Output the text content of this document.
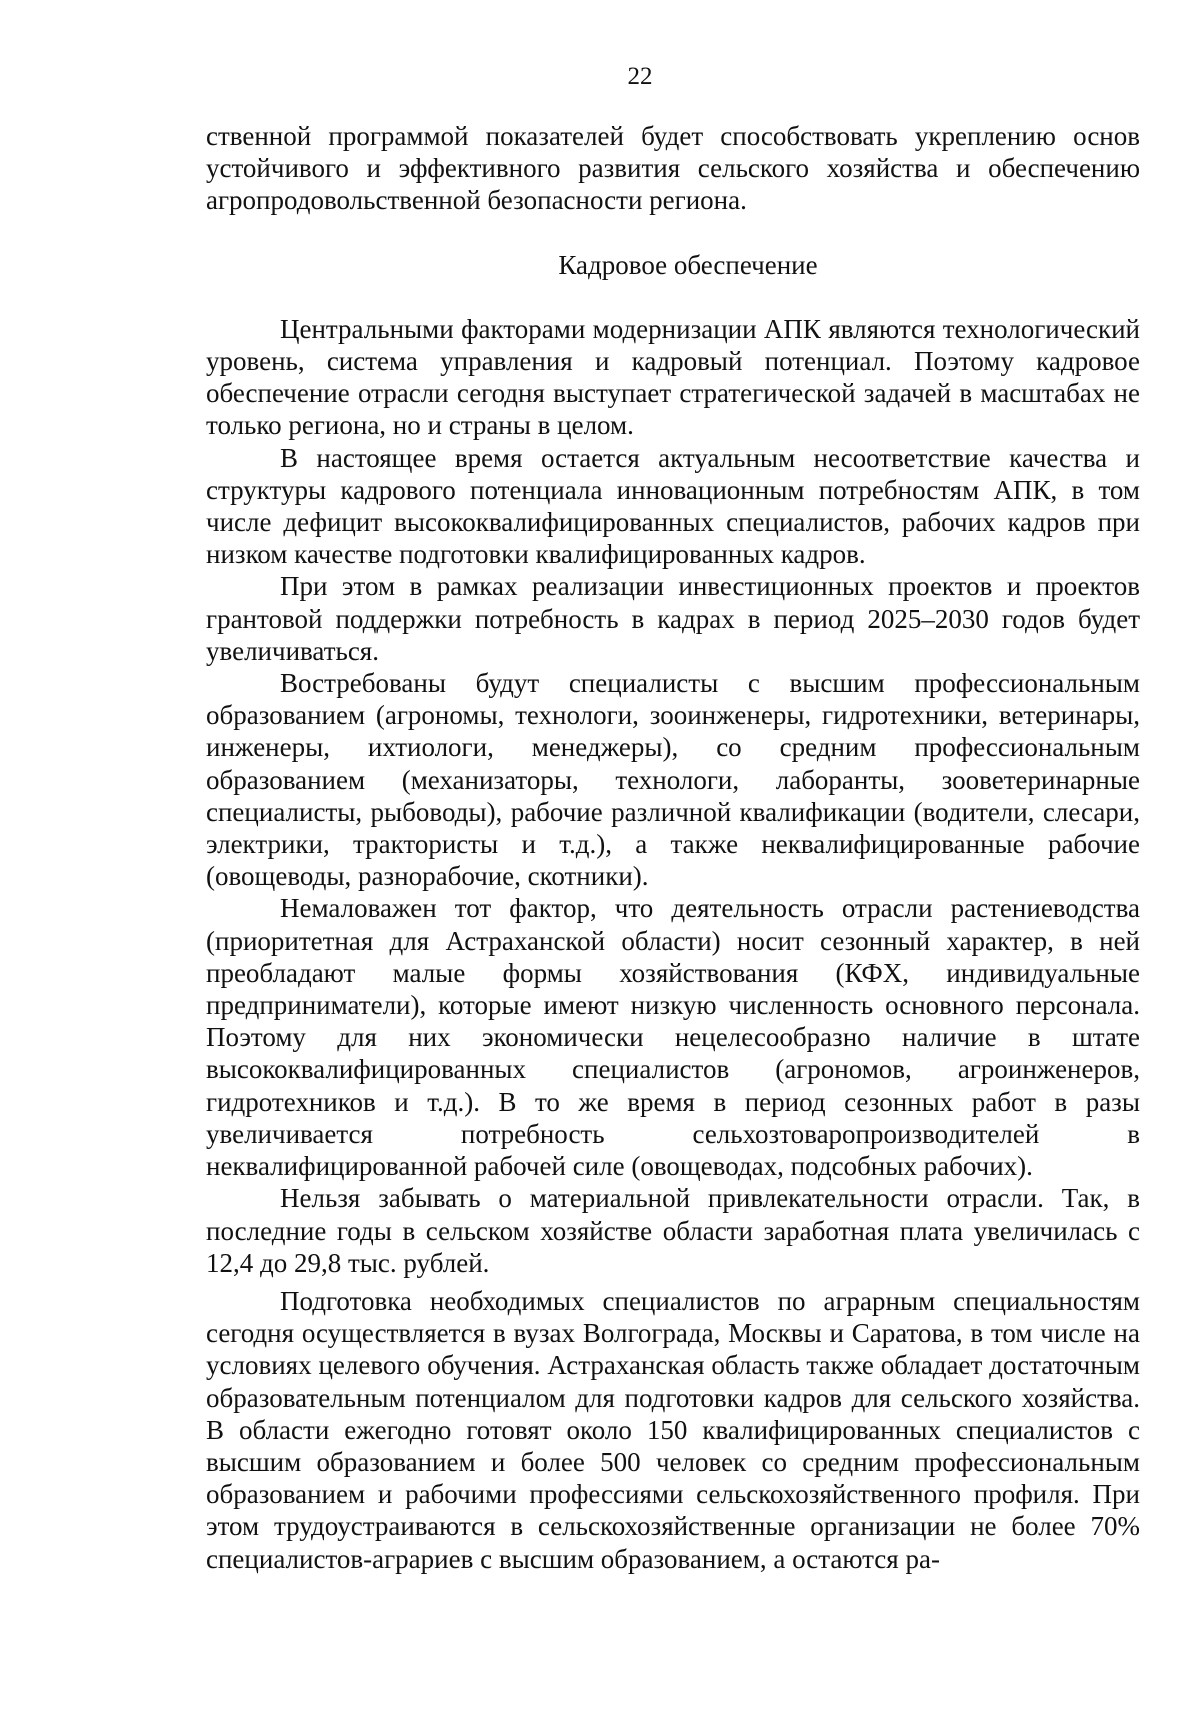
22

ственной программой показателей будет способствовать укреплению основ устойчивого и эффективного развития сельского хозяйства и обеспечению агропродовольственной безопасности региона.

Кадровое обеспечение

Центральными факторами модернизации АПК являются технологический уровень, система управления и кадровый потенциал. Поэтому кадровое обеспечение отрасли сегодня выступает стратегической задачей в масштабах не только региона, но и страны в целом.

В настоящее время остается актуальным несоответствие качества и структуры кадрового потенциала инновационным потребностям АПК, в том числе дефицит высококвалифицированных специалистов, рабочих кадров при низком качестве подготовки квалифицированных кадров.

При этом в рамках реализации инвестиционных проектов и проектов грантовой поддержки потребность в кадрах в период 2025–2030 годов будет увеличиваться.

Востребованы будут специалисты с высшим профессиональным образованием (агрономы, технологи, зооинженеры, гидротехники, ветеринары, инженеры, ихтиологи, менеджеры), со средним профессиональным образованием (механизаторы, технологи, лаборанты, зооветеринарные специалисты, рыбоводы), рабочие различной квалификации (водители, слесари, электрики, трактористы и т.д.), а также неквалифицированные рабочие (овощеводы, разнорабочие, скотники).

Немаловажен тот фактор, что деятельность отрасли растениеводства (приоритетная для Астраханской области) носит сезонный характер, в ней преобладают малые формы хозяйствования (КФХ, индивидуальные предприниматели), которые имеют низкую численность основного персонала. Поэтому для них экономически нецелесообразно наличие в штате высококвалифицированных специалистов (агрономов, агроинженеров, гидротехников и т.д.). В то же время в период сезонных работ в разы увеличивается потребность сельхозтоваропроизводителей в неквалифицированной рабочей силе (овощеводах, подсобных рабочих).

Нельзя забывать о материальной привлекательности отрасли. Так, в последние годы в сельском хозяйстве области заработная плата увеличилась с 12,4 до 29,8 тыс. рублей.

Подготовка необходимых специалистов по аграрным специальностям сегодня осуществляется в вузах Волгограда, Москвы и Саратова, в том числе на условиях целевого обучения. Астраханская область также обладает достаточным образовательным потенциалом для подготовки кадров для сельского хозяйства. В области ежегодно готовят около 150 квалифицированных специалистов с высшим образованием и более 500 человек со средним профессиональным образованием и рабочими профессиями сельскохозяйственного профиля. При этом трудоустраиваются в сельскохозяйственные организации не более 70% специалистов-аграриев с высшим образованием, а остаются ра-
